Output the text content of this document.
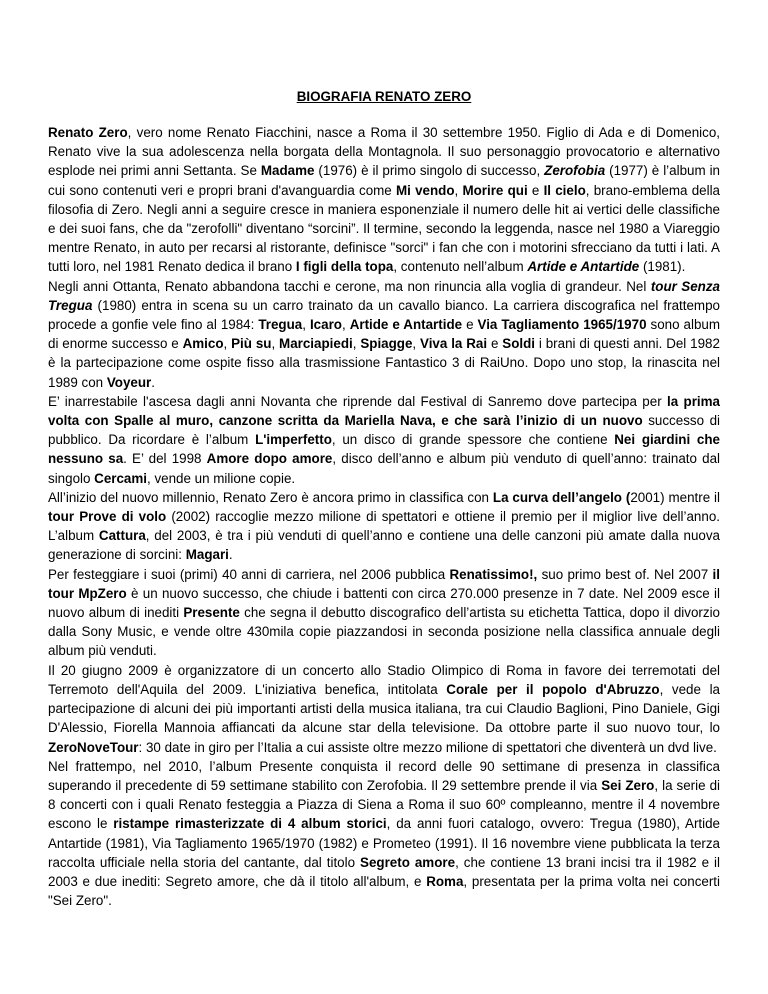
BIOGRAFIA RENATO ZERO

Renato Zero, vero nome Renato Fiacchini, nasce a Roma il 30 settembre 1950. Figlio di Ada e di Domenico, Renato vive la sua adolescenza nella borgata della Montagnola. Il suo personaggio provocatorio e alternativo esplode nei primi anni Settanta. Se Madame (1976) è il primo singolo di successo, Zerofobia (1977) è l’album in cui sono contenuti veri e propri brani d'avanguardia come Mi vendo, Morire qui e Il cielo, brano-emblema della filosofia di Zero. Negli anni a seguire cresce in maniera esponenziale il numero delle hit ai vertici delle classifiche e dei suoi fans, che da "zerofolli" diventano “sorcini”. Il termine, secondo la leggenda, nasce nel 1980 a Viareggio mentre Renato, in auto per recarsi al ristorante, definisce "sorci" i fan che con i motorini sfrecciano da tutti i lati. A tutti loro, nel 1981 Renato dedica il brano I figli della topa, contenuto nell’album Artide e Antartide (1981).

Negli anni Ottanta, Renato abbandona tacchi e cerone, ma non rinuncia alla voglia di grandeur. Nel tour Senza Tregua (1980) entra in scena su un carro trainato da un cavallo bianco. La carriera discografica nel frattempo procede a gonfie vele fino al 1984: Tregua, Icaro, Artide e Antartide e Via Tagliamento 1965/1970 sono album di enorme successo e Amico, Più su, Marciapiedi, Spiagge, Viva la Rai e Soldi i brani di questi anni. Del 1982 è la partecipazione come ospite fisso alla trasmissione Fantastico 3 di RaiUno. Dopo uno stop, la rinascita nel 1989 con Voyeur.

E’ inarrestabile l'ascesa dagli anni Novanta che riprende dal Festival di Sanremo dove partecipa per la prima volta con Spalle al muro, canzone scritta da Mariella Nava, e che sarà l’inizio di un nuovo successo di pubblico. Da ricordare è l’album L'imperfetto, un disco di grande spessore che contiene Nei giardini che nessuno sa. E’ del 1998 Amore dopo amore, disco dell’anno e album più venduto di quell’anno: trainato dal singolo Cercami, vende un milione copie.

All’inizio del nuovo millennio, Renato Zero è ancora primo in classifica con La curva dell’angelo (2001) mentre il tour Prove di volo (2002) raccoglie mezzo milione di spettatori e ottiene il premio per il miglior live dell’anno. L’album Cattura, del 2003, è tra i più venduti di quell’anno e contiene una delle canzoni più amate dalla nuova generazione di sorcini: Magari.

Per festeggiare i suoi (primi) 40 anni di carriera, nel 2006 pubblica Renatissimo!, suo primo best of. Nel 2007 il tour MpZero è un nuovo successo, che chiude i battenti con circa 270.000 presenze in 7 date. Nel 2009 esce il nuovo album di inediti Presente che segna il debutto discografico dell’artista su etichetta Tattica, dopo il divorzio dalla Sony Music, e vende oltre 430mila copie piazzandosi in seconda posizione nella classifica annuale degli album più venduti.

Il 20 giugno 2009 è organizzatore di un concerto allo Stadio Olimpico di Roma in favore dei terremotati del Terremoto dell'Aquila del 2009. L'iniziativa benefica, intitolata Corale per il popolo d'Abruzzo, vede la partecipazione di alcuni dei più importanti artisti della musica italiana, tra cui Claudio Baglioni, Pino Daniele, Gigi D'Alessio, Fiorella Mannoia affiancati da alcune star della televisione. Da ottobre parte il suo nuovo tour, lo ZeroNoveTour: 30 date in giro per l’Italia a cui assiste oltre mezzo milione di spettatori che diventerà un dvd live.

Nel frattempo, nel 2010, l’album Presente conquista il record delle 90 settimane di presenza in classifica superando il precedente di 59 settimane stabilito con Zerofobia. Il 29 settembre prende il via Sei Zero, la serie di 8 concerti con i quali Renato festeggia a Piazza di Siena a Roma il suo 60º compleanno, mentre il 4 novembre escono le ristampe rimasterizzate di 4 album storici, da anni fuori catalogo, ovvero: Tregua (1980), Artide Antartide (1981), Via Tagliamento 1965/1970 (1982) e Prometeo (1991). Il 16 novembre viene pubblicata la terza raccolta ufficiale nella storia del cantante, dal titolo Segreto amore, che contiene 13 brani incisi tra il 1982 e il 2003 e due inediti: Segreto amore, che dà il titolo all'album, e Roma, presentata per la prima volta nei concerti "Sei Zero".
